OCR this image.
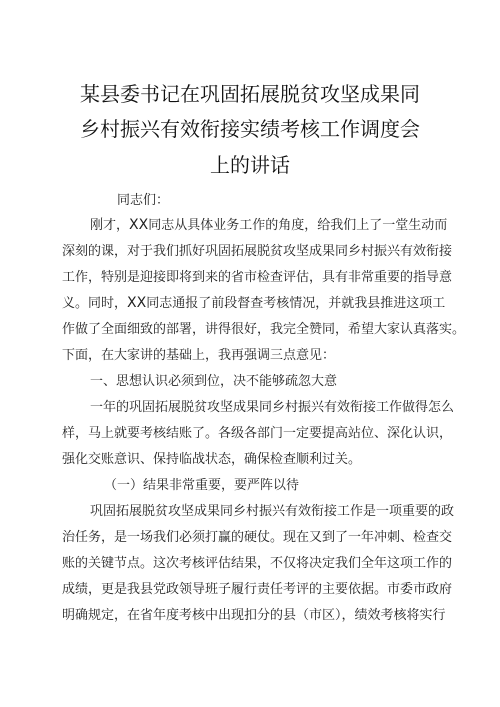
某县委书记在巩固拓展脱贫攻坚成果同
乡村振兴有效衔接实绩考核工作调度会
上的讲话
同志们：
刚才，XX同志从具体业务工作的角度，给我们上了一堂生动而
深刻的课，对于我们抓好巩固拓展脱贫攻坚成果同乡村振兴有效衔接
工作，特别是迎接即将到来的省市检查评估，具有非常重要的指导意
义。同时，XX同志通报了前段督查考核情况，并就我县推进这项工
作做了全面细致的部署，讲得很好，我完全赞同，希望大家认真落实。
下面，在大家讲的基础上，我再强调三点意见：
一、思想认识必须到位，决不能够疏忽大意
一年的巩固拓展脱贫攻坚成果同乡村振兴有效衔接工作做得怎么
样，马上就要考核结账了。各级各部门一定要提高站位、深化认识，
强化交账意识、保持临战状态，确保检查顺利过关。
（一）结果非常重要，要严阵以待
巩固拓展脱贫攻坚成果同乡村振兴有效衔接工作是一项重要的政
治任务，是一场我们必须打赢的硬仗。现在又到了一年冲刺、检查交
账的关键节点。这次考核评估结果，不仅将决定我们全年这项工作的
成绩，更是我县党政领导班子履行责任考评的主要依据。市委市政府
明确规定，在省年度考核中出现扣分的县（市区），绩效考核将实行
